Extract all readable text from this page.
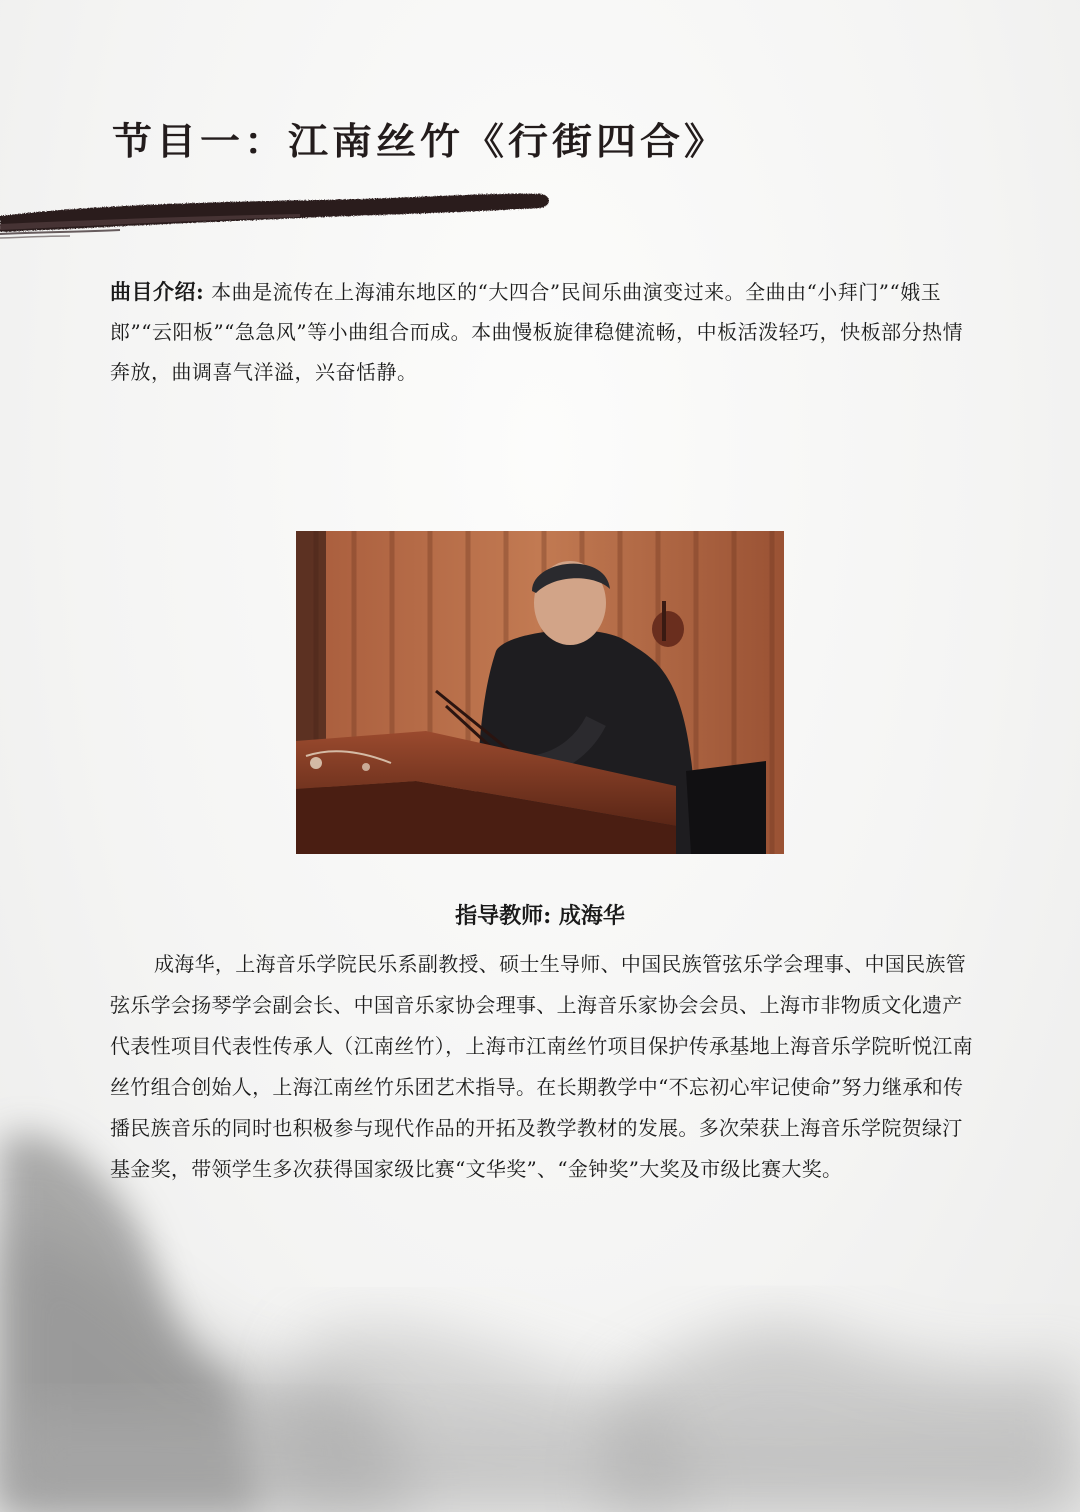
节目一：江南丝竹《行街四合》
曲目介绍: 本曲是流传在上海浦东地区的“大四合”民间乐曲演变过来。全曲由“小拜门”“娥玉郎”“云阳板”“急急风”等小曲组合而成。本曲慢板旋律稳健流畅，中板活泼轻巧，快板部分热情奔放，曲调喜气洋溢，兴奋恬静。
指导教师: 成海华
成海华，上海音乐学院民乐系副教授、硕士生导师、中国民族管弦乐学会理事、中国民族管弦乐学会扬琴学会副会长、中国音乐家协会理事、上海音乐家协会会员、上海市非物质文化遗产代表性项目代表性传承人（江南丝竹），上海市江南丝竹项目保护传承基地上海音乐学院昕悦江南丝竹组合创始人，上海江南丝竹乐团艺术指导。在长期教学中“不忘初心牢记使命”努力继承和传播民族音乐的同时也积极参与现代作品的开拓及教学教材的发展。多次荣获上海音乐学院贺绿汀基金奖，带领学生多次获得国家级比赛“文华奖”、“金钟奖”大奖及市级比赛大奖。
